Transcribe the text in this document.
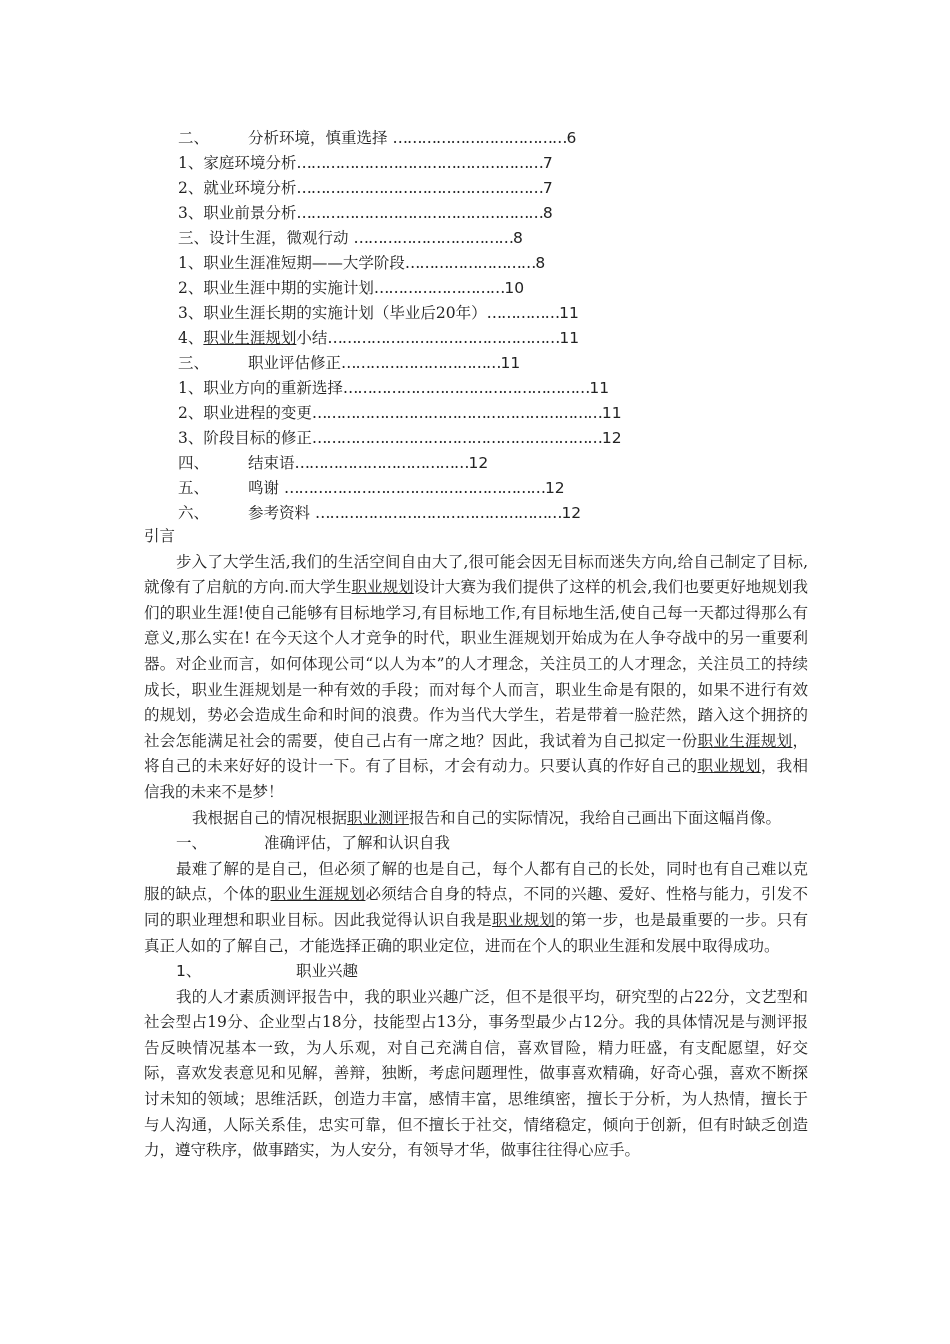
二、	分析环境，慎重选择 ………………………………6
1、家庭环境分析……………………………………………7
2、就业环境分析……………………………………………7
3、职业前景分析……………………………………………8
三、设计生涯，微观行动 ……………………………8
1、职业生涯准短期——大学阶段………………………8
2、职业生涯中期的实施计划………………………10
3、职业生涯长期的实施计划（毕业后20年）……………11
4、职业生涯规划小结…………………………………………11
三、	职业评估修正……………………………11
1、职业方向的重新选择……………………………………………11
2、职业进程的变更……………………………………………………11
3、阶段目标的修正……………………………………………………12
四、	结束语………………………………12
五、	鸣谢 ………………………………………………12
六、	参考资料 ……………………………………………12

引言

步入了大学生活,我们的生活空间自由大了,很可能会因无目标而迷失方向,给自己制定了目标,就像有了启航的方向.而大学生职业规划设计大赛为我们提供了这样的机会,我们也要更好地规划我们的职业生涯!使自己能够有目标地学习,有目标地工作,有目标地生活,使自己每一天都过得那么有意义,那么实在! 在今天这个人才竞争的时代，职业生涯规划开始成为在人争夺战中的另一重要利器。对企业而言，如何体现公司“以人为本”的人才理念，关注员工的人才理念，关注员工的持续成长，职业生涯规划是一种有效的手段；而对每个人而言，职业生命是有限的，如果不进行有效的规划，势必会造成生命和时间的浪费。作为当代大学生，若是带着一脸茫然，踏入这个拥挤的社会怎能满足社会的需要，使自己占有一席之地？因此，我试着为自己拟定一份职业生涯规划，将自己的未来好好的设计一下。有了目标，才会有动力。只要认真的作好自己的职业规划，我相信我的未来不是梦！

我根据自己的情况根据职业测评报告和自己的实际情况，我给自己画出下面这幅肖像。

一、	准确评估，了解和认识自我

最难了解的是自己，但必须了解的也是自己，每个人都有自己的长处，同时也有自己难以克服的缺点，个体的职业生涯规划必须结合自身的特点，不同的兴趣、爱好、性格与能力，引发不同的职业理想和职业目标。因此我觉得认识自我是职业规划的第一步，也是最重要的一步。只有真正人如的了解自己，才能选择正确的职业定位，进而在个人的职业生涯和发展中取得成功。

1、	职业兴趣

我的人才素质测评报告中，我的职业兴趣广泛，但不是很平均，研究型的占22分，文艺型和社会型占19分、企业型占18分，技能型占13分，事务型最少占12分。我的具体情况是与测评报告反映情况基本一致，为人乐观，对自己充满自信，喜欢冒险，精力旺盛，有支配愿望，好交际，喜欢发表意见和见解，善辩，独断，考虑问题理性，做事喜欢精确，好奇心强，喜欢不断探讨未知的领域；思维活跃，创造力丰富，感情丰富，思维缜密，擅长于分析，为人热情，擅长于与人沟通，人际关系佳，忠实可靠，但不擅长于社交，情绪稳定，倾向于创新，但有时缺乏创造力，遵守秩序，做事踏实，为人安分，有领导才华，做事往往得心应手。
